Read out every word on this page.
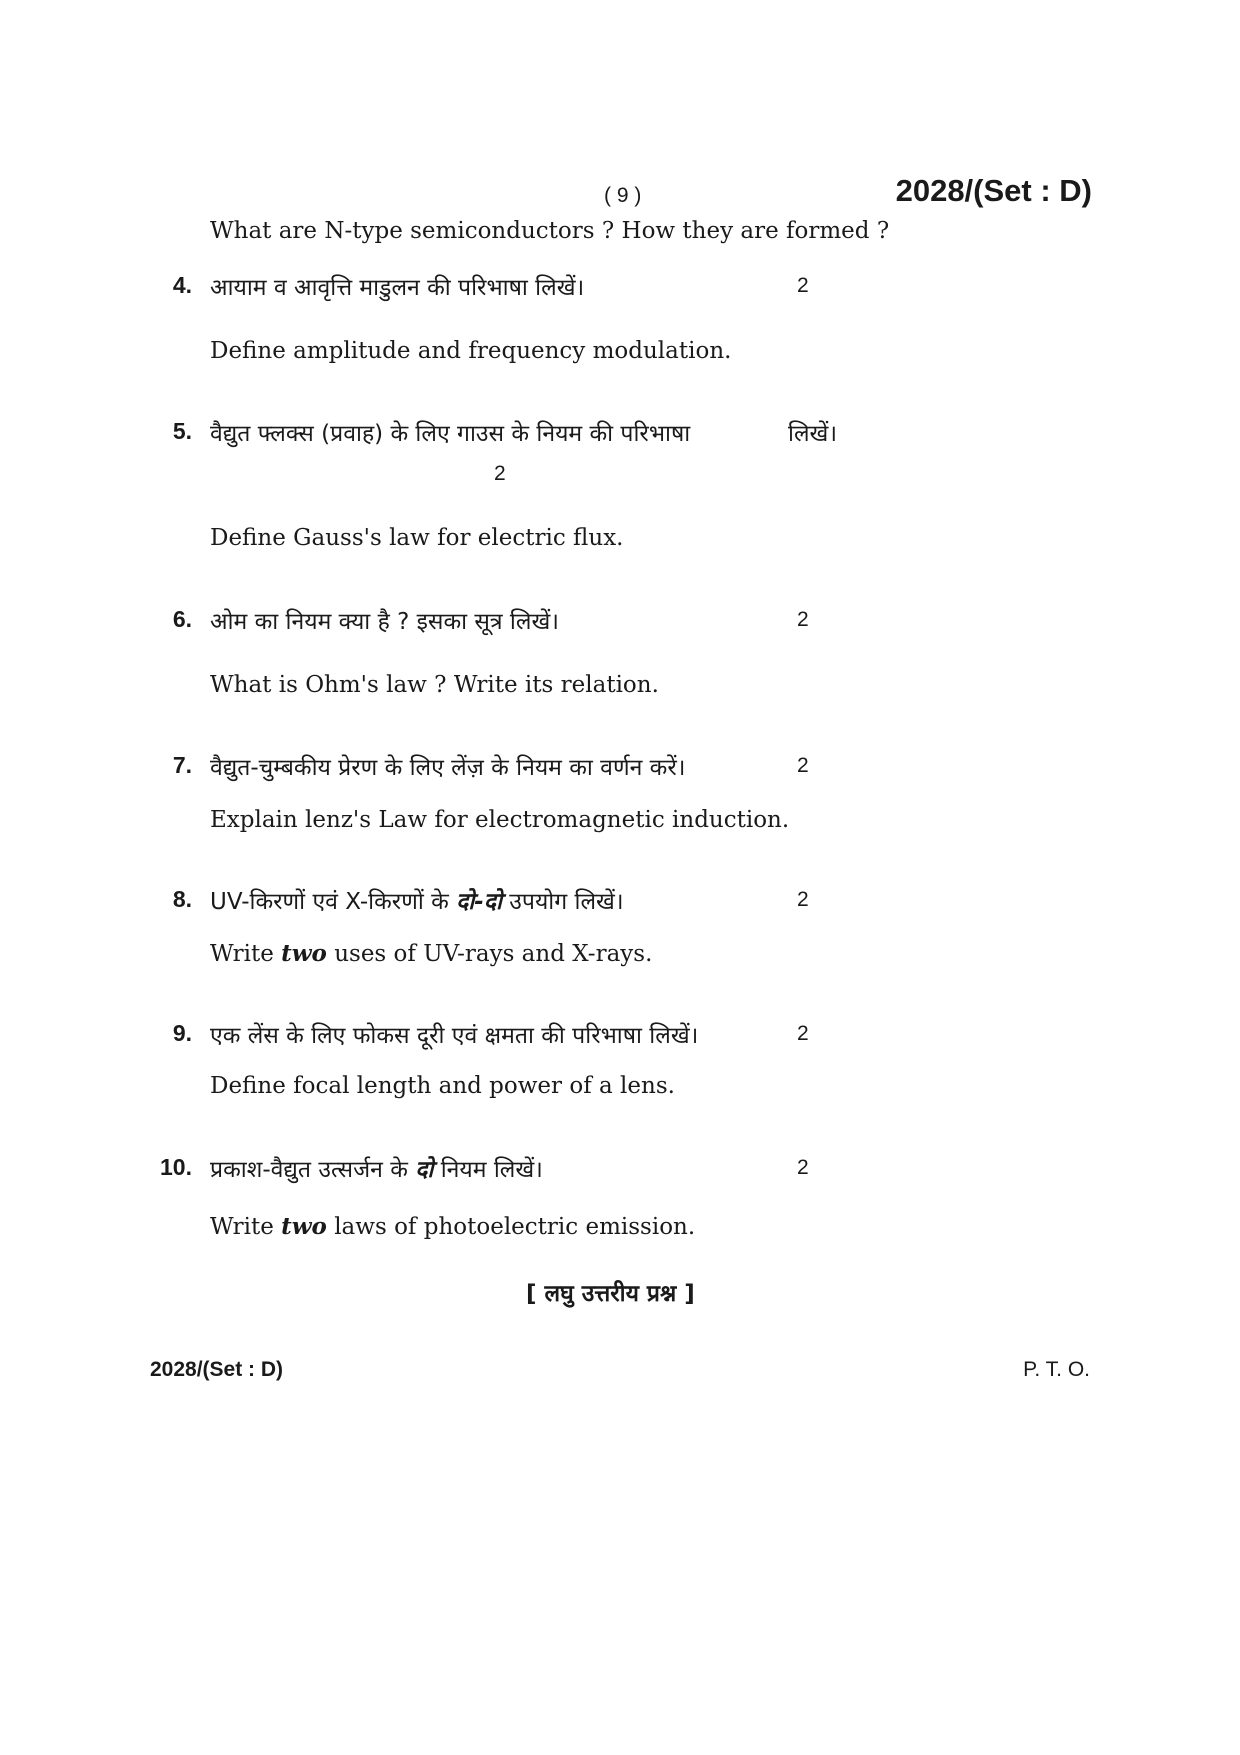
( 9 )	2028/(Set : D)
What are N-type semiconductors ? How they are formed ?
4. आयाम व आवृत्ति माडुलन की परिभाषा लिखें।	2
Define amplitude and frequency modulation.
5. वैद्युत फ्लक्स (प्रवाह) के लिए गाउस के नियम की परिभाषा	लिखें।
2
Define Gauss's law for electric flux.
6. ओम का नियम क्या है ? इसका सूत्र लिखें।	2
What is Ohm's law ? Write its relation.
7. वैद्युत-चुम्बकीय प्रेरण के लिए लेंज़ के नियम का वर्णन करें।	2
Explain lenz's Law for electromagnetic induction.
8. UV-किरणों एवं X-किरणों के दो-दो उपयोग लिखें।	2
Write two uses of UV-rays and X-rays.
9. एक लेंस के लिए फोकस दूरी एवं क्षमता की परिभाषा लिखें।	2
Define focal length and power of a lens.
10. प्रकाश-वैद्युत उत्सर्जन के दो नियम लिखें।	2
Write two laws of photoelectric emission.
[ लघु उत्तरीय प्रश्न ]
2028/(Set : D)	P. T. O.
